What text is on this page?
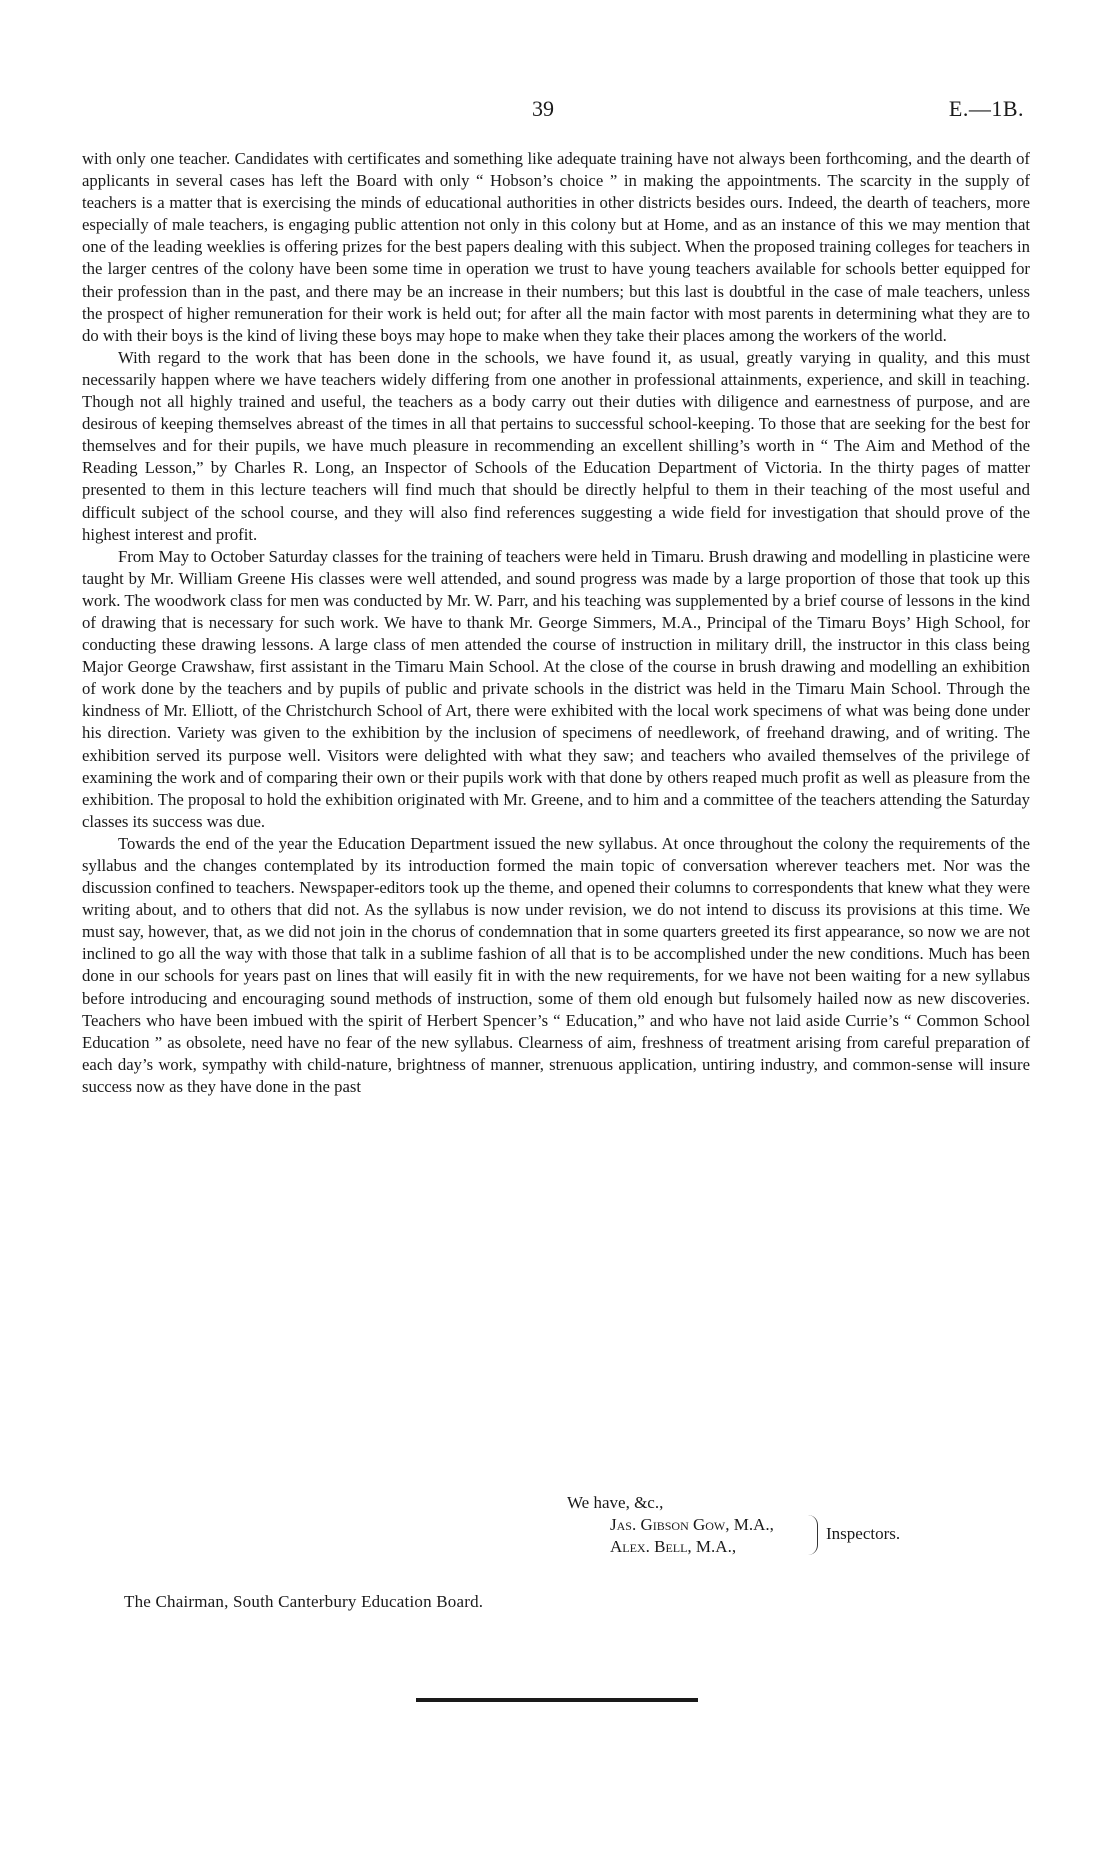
39	E.—1B.

with only one teacher. Candidates with certificates and something like adequate training have not always been forthcoming, and the dearth of applicants in several cases has left the Board with only “ Hobson’s choice ” in making the appointments. The scarcity in the supply of teachers is a matter that is exercising the minds of educational authorities in other districts besides ours. Indeed, the dearth of teachers, more especially of male teachers, is engaging public attention not only in this colony but at Home, and as an instance of this we may mention that one of the leading weeklies is offering prizes for the best papers dealing with this subject. When the proposed training colleges for teachers in the larger centres of the colony have been some time in operation we trust to have young teachers available for schools better equipped for their profession than in the past, and there may be an increase in their numbers; but this last is doubtful in the case of male teachers, unless the prospect of higher remuneration for their work is held out; for after all the main factor with most parents in determining what they are to do with their boys is the kind of living these boys may hope to make when they take their places among the workers of the world.

With regard to the work that has been done in the schools, we have found it, as usual, greatly varying in quality, and this must necessarily happen where we have teachers widely differing from one another in professional attainments, experience, and skill in teaching. Though not all highly trained and useful, the teachers as a body carry out their duties with diligence and earnestness of purpose, and are desirous of keeping themselves abreast of the times in all that pertains to successful school-keeping. To those that are seeking for the best for themselves and for their pupils, we have much pleasure in recommending an excellent shilling’s worth in “ The Aim and Method of the Reading Lesson,” by Charles R. Long, an Inspector of Schools of the Education Department of Victoria. In the thirty pages of matter presented to them in this lecture teachers will find much that should be directly helpful to them in their teaching of the most useful and difficult subject of the school course, and they will also find references suggesting a wide field for investigation that should prove of the highest interest and profit.

From May to October Saturday classes for the training of teachers were held in Timaru. Brush drawing and modelling in plasticine were taught by Mr. William Greene His classes were well attended, and sound progress was made by a large proportion of those that took up this work. The woodwork class for men was conducted by Mr. W. Parr, and his teaching was supplemented by a brief course of lessons in the kind of drawing that is necessary for such work. We have to thank Mr. George Simmers, M.A., Principal of the Timaru Boys’ High School, for conducting these drawing lessons. A large class of men attended the course of instruction in military drill, the instructor in this class being Major George Crawshaw, first assistant in the Timaru Main School. At the close of the course in brush drawing and modelling an exhibition of work done by the teachers and by pupils of public and private schools in the district was held in the Timaru Main School. Through the kindness of Mr. Elliott, of the Christchurch School of Art, there were exhibited with the local work specimens of what was being done under his direction. Variety was given to the exhibition by the inclusion of specimens of needlework, of freehand drawing, and of writing. The exhibition served its purpose well. Visitors were delighted with what they saw; and teachers who availed themselves of the privilege of examining the work and of comparing their own or their pupils work with that done by others reaped much profit as well as pleasure from the exhibition. The proposal to hold the exhibition originated with Mr. Greene, and to him and a committee of the teachers attending the Saturday classes its success was due.

Towards the end of the year the Education Department issued the new syllabus. At once throughout the colony the requirements of the syllabus and the changes contemplated by its introduction formed the main topic of conversation wherever teachers met. Nor was the discussion confined to teachers. Newspaper-editors took up the theme, and opened their columns to correspondents that knew what they were writing about, and to others that did not. As the syllabus is now under revision, we do not intend to discuss its provisions at this time. We must say, however, that, as we did not join in the chorus of condemnation that in some quarters greeted its first appearance, so now we are not inclined to go all the way with those that talk in a sublime fashion of all that is to be accomplished under the new conditions. Much has been done in our schools for years past on lines that will easily fit in with the new requirements, for we have not been waiting for a new syllabus before introducing and encouraging sound methods of instruction, some of them old enough but fulsomely hailed now as new discoveries. Teachers who have been imbued with the spirit of Herbert Spencer’s “ Education,” and who have not laid aside Currie’s “ Common School Education ” as obsolete, need have no fear of the new syllabus. Clearness of aim, freshness of treatment arising from careful preparation of each day’s work, sympathy with child-nature, brightness of manner, strenuous application, untiring industry, and common-sense will insure success now as they have done in the past

We have, &c.,
Jas. Gibson Gow, M.A.,
Alex. Bell, M.A.,
Inspectors.
The Chairman, South Canterbury Education Board.
